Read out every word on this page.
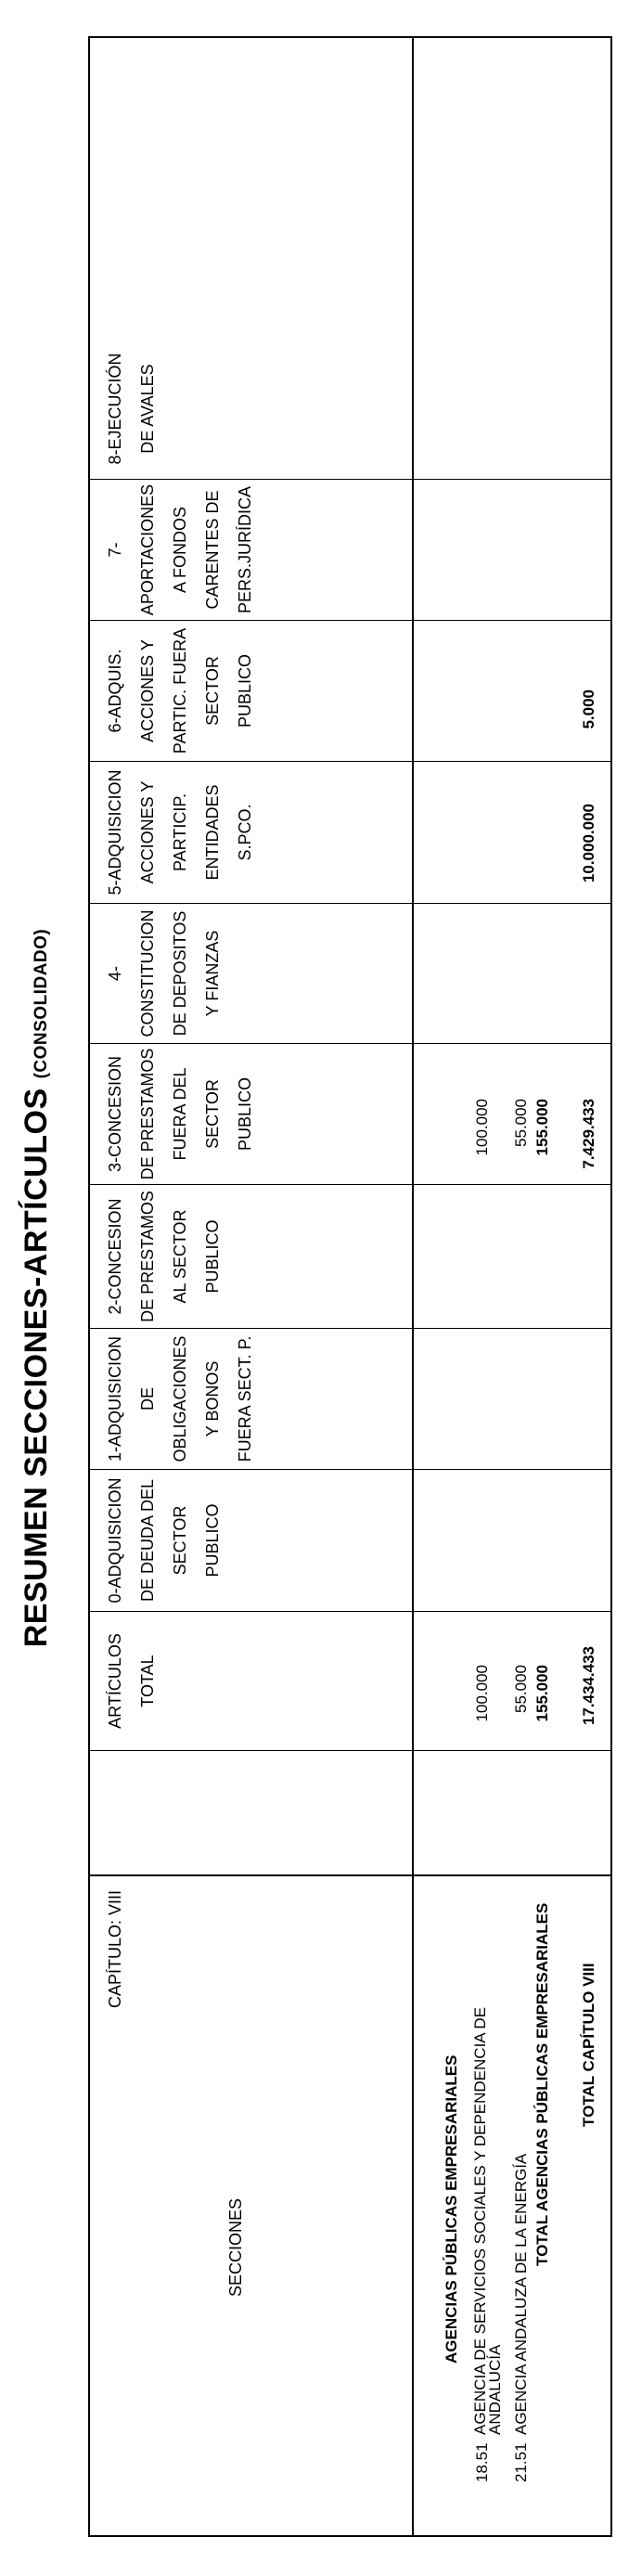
RESUMEN SECCIONES-ARTÍCULOS (CONSOLIDADO)
CAPÍTULO: VIII
SECCIONES
ARTÍCULOS TOTAL
0-ADQUISICION DE DEUDA DEL SECTOR PUBLICO
1-ADQUISICION DE OBLIGACIONES Y BONOS FUERA SECT. P.
2-CONCESION DE PRESTAMOS AL SECTOR PUBLICO
3-CONCESION DE PRESTAMOS FUERA DEL SECTOR PUBLICO
4-CONSTITUCION DE DEPOSITOS Y FIANZAS
5-ADQUISICION ACCIONES Y PARTICIP. ENTIDADES S.PCO.
6-ADQUIS. ACCIONES Y PARTIC. FUERA SECTOR PUBLICO
7- APORTACIONES A FONDOS CARENTES DE PERS.JURÍDICA
8-EJECUCIÓN DE AVALES
AGENCIAS PÚBLICAS EMPRESARIALES
18.51
AGENCIA DE SERVICIOS SOCIALES Y DEPENDENCIA DE
ANDALUCÍA
100.000
100.000
21.51
AGENCIA ANDALUZA DE LA ENERGÍA
55.000
55.000
TOTAL AGENCIAS PÚBLICAS EMPRESARIALES
155.000
155.000
TOTAL CAPÍTULO VIII
17.434.433
7.429.433
10.000.000
5.000
